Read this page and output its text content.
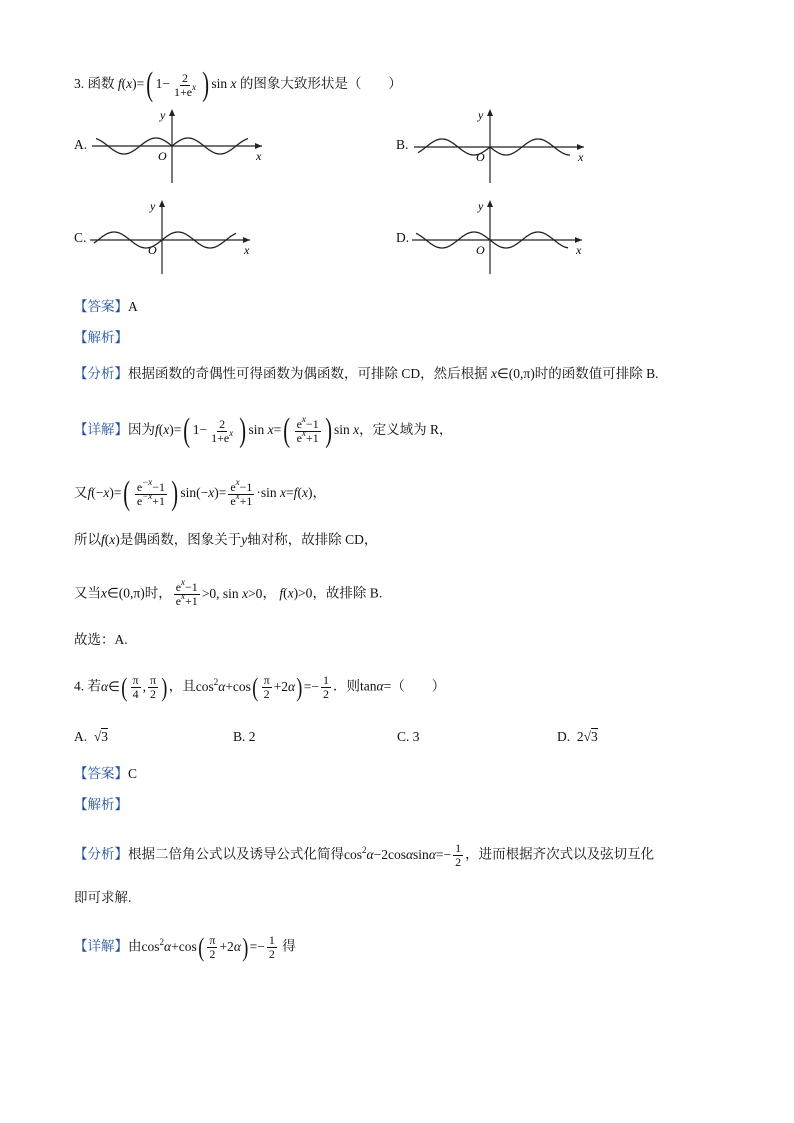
3. 函数 f(x)=( $1- \frac{2}{1+e^x}$ ) sin x 的图象大致形状是（　　）
A.
x
y
O
B.
x
y
O
C.
x
y
O
D.
x
y
O
【答案】A
【解析】
【分析】根据函数的奇偶性可得函数为偶函数，可排除 CD，然后根据 x∈(0,π)时的函数值可排除 B.
【详解】因为f(x)=( $1- \frac{2}{1+e^x}$ ) $\sin x=( \frac{e^x-1}{e^x+1}$ ) sin x，定义域为 R，
又$f(-x)=( \frac{e^{-x}-1}{e^{-x}+1}$ ) $\sin(-x)= \frac{e^x-1}{e^x+1} \cdot\sin$ x=f(x)，
所以f(x)是偶函数，图象关于y轴对称，故排除 CD，
又当x∈(0,π)时， $\frac{e^x-1}{e^x+1} >0$, sin x>0， f(x)>0，故排除 B.
故选：A.
4. 若α∈( $\frac{\pi}{4}$ , $\frac{\pi}{2}$ )，且$\cos^2\alpha+\cos( \frac{\pi}{2} +2\alpha)=- \frac{1}{2}$ ．则tanα=（　　）
A.  √3	B. 2	C. 3	D. 2√3
【答案】C
【解析】
【分析】根据二倍角公式以及诱导公式化简得$\cos^2\alpha-2\cos\alpha\sin\alpha=- \frac{1}{2}$ ，进而根据齐次式以及弦切互化
即可求解.
【详解】由$\cos^2\alpha+\cos( \frac{\pi}{2} +2\alpha)=- \frac{1}{2}$ 得
